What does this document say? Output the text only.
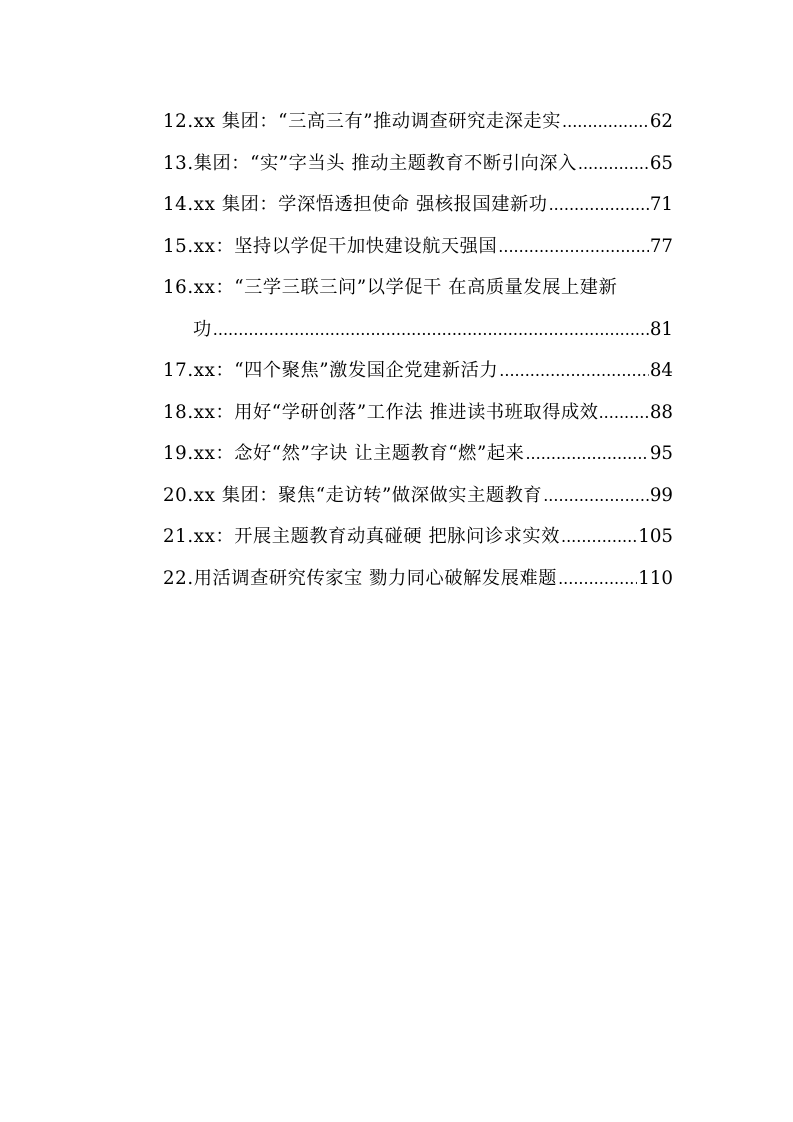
12.xx 集团：“三高三有”推动调查研究走深走实 .....	62
13.集团：“实”字当头 推动主题教育不断引向深入 .....	65
14.xx 集团：学深悟透担使命 强核报国建新功 .....	71
15.xx：坚持以学促干加快建设航天强国 .....	77
16.xx：“三学三联三问”以学促干 在高质量发展上建新
功 .....	81
17.xx：“四个聚焦”激发国企党建新活力 .....	84
18.xx：用好“学研创落”工作法 推进读书班取得成效 .....	88
19.xx：念好“然”字诀 让主题教育“燃”起来 .....	95
20.xx 集团：聚焦“走访转”做深做实主题教育 .....	99
21.xx：开展主题教育动真碰硬 把脉问诊求实效 .....	105
22.用活调查研究传家宝 勠力同心破解发展难题 .....	110
